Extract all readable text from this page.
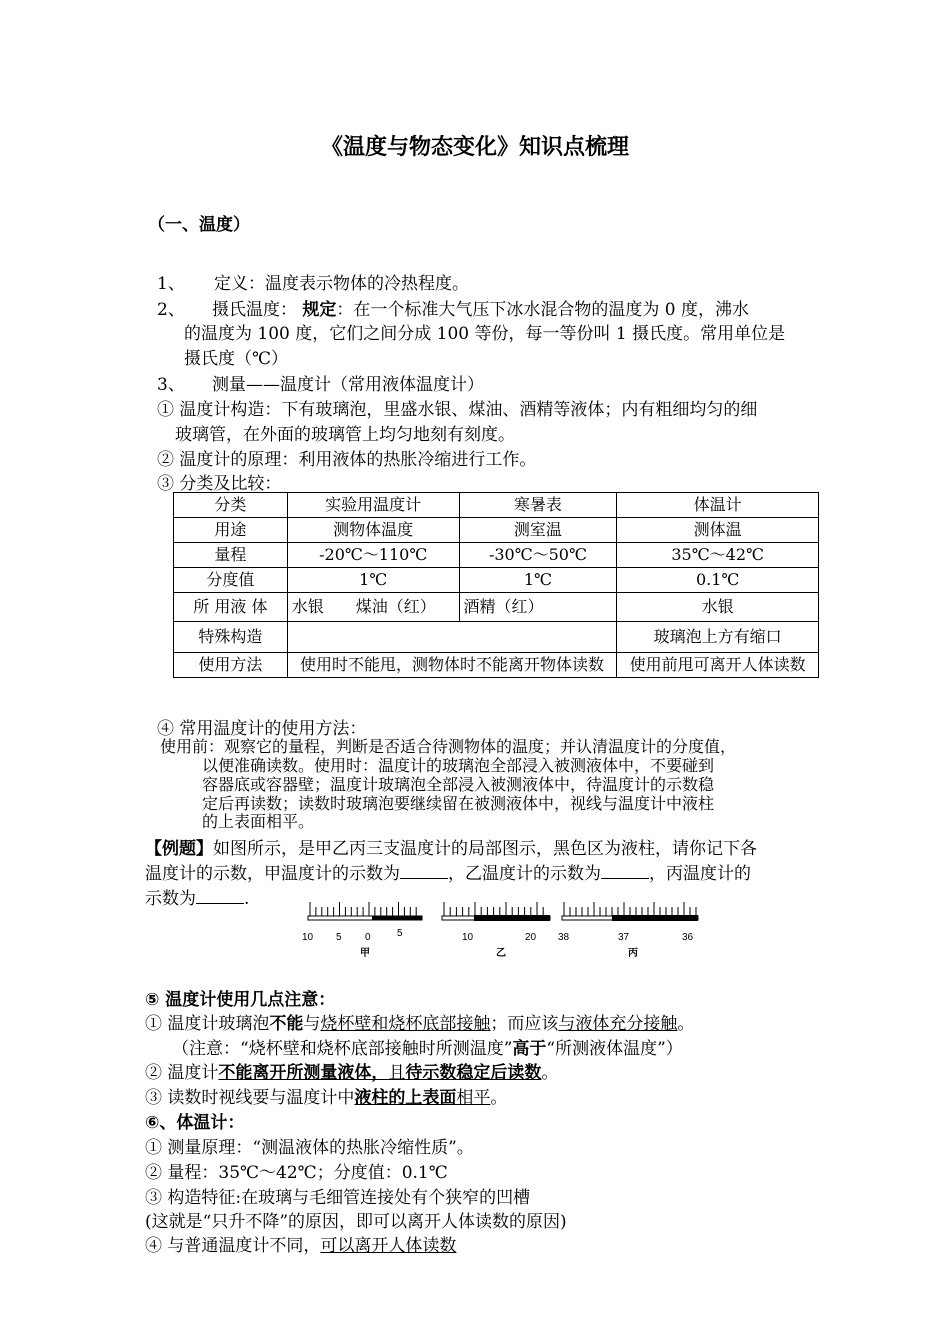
《温度与物态变化》知识点梳理
（一、温度）
1、 定义：温度表示物体的冷热程度。
2、 摄氏温度： 规定：在一个标准大气压下冰水混合物的温度为 0 度，沸水
的温度为 100 度，它们之间分成 100 等份，每一等份叫 1 摄氏度。常用单位是
摄氏度（℃）
3、 测量——温度计（常用液体温度计）
① 温度计构造：下有玻璃泡，里盛水银、煤油、酒精等液体；内有粗细均匀的细
玻璃管，在外面的玻璃管上均匀地刻有刻度。
② 温度计的原理：利用液体的热胀冷缩进行工作。
③ 分类及比较：
分类	实验用温度计	寒暑表	体温计
用途	测物体温度	测室温	测体温
量程	-20℃～110℃	-30℃～50℃	35℃～42℃
分度值	1℃	1℃	0.1℃
所 用液 体	水银　　煤油（红）	酒精（红）	水银
特殊构造			玻璃泡上方有缩口
使用方法	使用时不能甩，测物体时不能离开物体读数		使用前甩可离开人体读数
④ 常用温度计的使用方法：
使用前：观察它的量程，判断是否适合待测物体的温度；并认清温度计的分度值，
以便准确读数。使用时：温度计的玻璃泡全部浸入被测液体中，不要碰到
容器底或容器壁；温度计玻璃泡全部浸入被测液体中，待温度计的示数稳
定后再读数；读数时玻璃泡要继续留在被测液体中，视线与温度计中液柱
的上表面相平。
【例题】如图所示，是甲乙丙三支温度计的局部图示，黑色区为液柱，请你记下各
温度计的示数，甲温度计的示数为	，乙温度计的示数为	，丙温度计的
示数为	.
10 5 0	5
甲
10	20
乙
38	37	36
丙
⑤ 温度计使用几点注意：
① 温度计玻璃泡不能与烧杯壁和烧杯底部接触；而应该与液体充分接触。
（注意：“烧杯壁和烧杯底部接触时所测温度”高于“所测液体温度”）
② 温度计不能离开所测量液体，且待示数稳定后读数。
③ 读数时视线要与温度计中液柱的上表面相平。
⑥、体温计：
① 测量原理：“测温液体的热胀冷缩性质”。
② 量程：35℃～42℃；分度值：0.1℃
③ 构造特征:在玻璃与毛细管连接处有个狭窄的凹槽
(这就是“只升不降”的原因，即可以离开人体读数的原因)
④ 与普通温度计不同，可以离开人体读数
